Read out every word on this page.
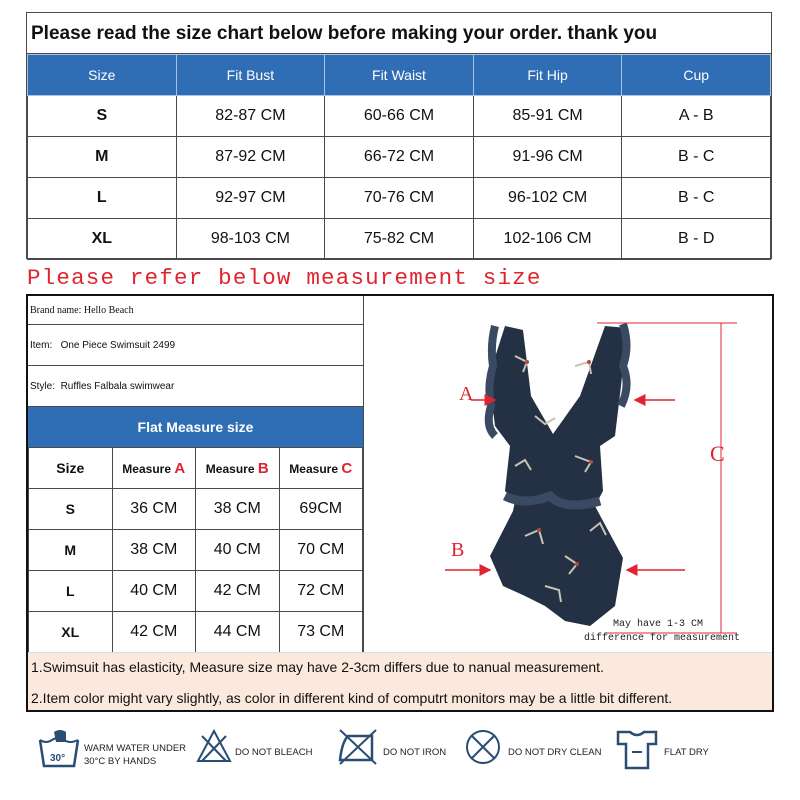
Please read the size chart below before making your order. thank you
Size	Fit Bust	Fit Waist	Fit Hip	Cup
S	82-87 CM	60-66 CM	85-91 CM	A - B
M	87-92 CM	66-72 CM	91-96 CM	B - C
L	92-97 CM	70-76 CM	96-102 CM	B - C
XL	98-103 CM	75-82 CM	102-106 CM	B - D
Please refer below measurement size
Brand name: Hello Beach
Item: One Piece Swimsuit 2499
Style: Ruffles Falbala swimwear
Flat Measure size
Size	Measure A	Measure B	Measure C
S	36 CM	38 CM	69CM
M	38 CM	40 CM	70 CM
L	40 CM	42 CM	72 CM
XL	42 CM	44 CM	73 CM
A
B
C
May have 1-3 CM
difference for measurement
1.Swimsuit has elasticity, Measure size may have 2-3cm differs due to nanual measurement.
2.Item color might vary slightly, as color in different kind of computrt monitors may be a little bit different.
30°
WARM WATER UNDER
30°C BY HANDS
DO NOT BLEACH	DO NOT IRON	DO NOT DRY CLEAN	FLAT DRY
